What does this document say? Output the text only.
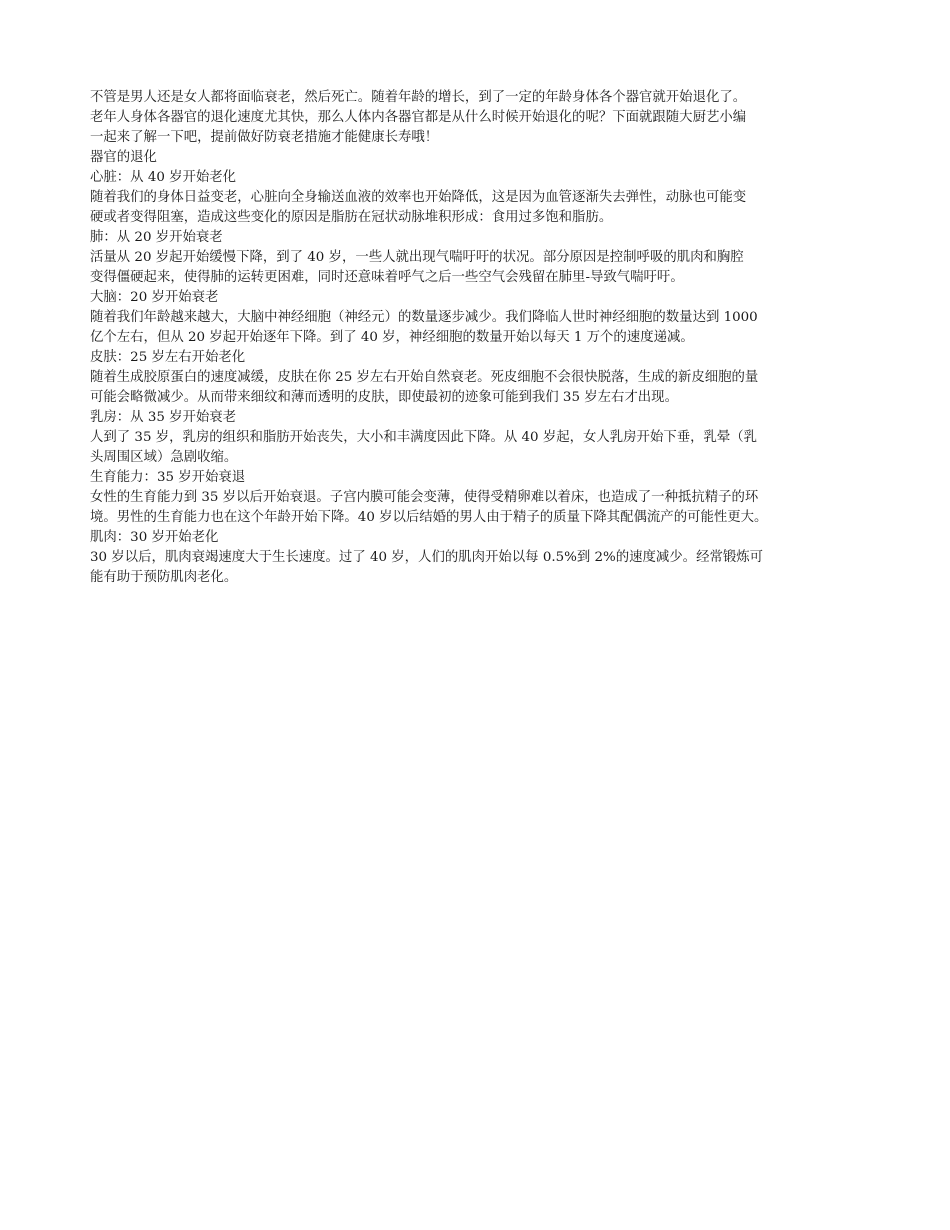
不管是男人还是女人都将面临衰老，然后死亡。随着年龄的增长，到了一定的年龄身体各个器官就开始退化了。
老年人身体各器官的退化速度尤其快，那么人体内各器官都是从什么时候开始退化的呢？下面就跟随大厨艺小编
一起来了解一下吧，提前做好防衰老措施才能健康长寿哦！
器官的退化
心脏：从 40 岁开始老化
随着我们的身体日益变老，心脏向全身输送血液的效率也开始降低，这是因为血管逐渐失去弹性，动脉也可能变
硬或者变得阻塞，造成这些变化的原因是脂肪在冠状动脉堆积形成：食用过多饱和脂肪。
肺：从 20 岁开始衰老
活量从 20 岁起开始缓慢下降，到了 40 岁，一些人就出现气喘吁吁的状况。部分原因是控制呼吸的肌肉和胸腔
变得僵硬起来，使得肺的运转更困难，同时还意味着呼气之后一些空气会残留在肺里-导致气喘吁吁。
大脑：20 岁开始衰老
随着我们年龄越来越大，大脑中神经细胞（神经元）的数量逐步减少。我们降临人世时神经细胞的数量达到 1000
亿个左右，但从 20 岁起开始逐年下降。到了 40 岁，神经细胞的数量开始以每天 1 万个的速度递减。
皮肤：25 岁左右开始老化
随着生成胶原蛋白的速度减缓，皮肤在你 25 岁左右开始自然衰老。死皮细胞不会很快脱落，生成的新皮细胞的量
可能会略微减少。从而带来细纹和薄而透明的皮肤，即使最初的迹象可能到我们 35 岁左右才出现。
乳房：从 35 岁开始衰老
人到了 35 岁，乳房的组织和脂肪开始丧失，大小和丰满度因此下降。从 40 岁起，女人乳房开始下垂，乳晕（乳
头周围区域）急剧收缩。
生育能力：35 岁开始衰退
女性的生育能力到 35 岁以后开始衰退。子宫内膜可能会变薄，使得受精卵难以着床，也造成了一种抵抗精子的环
境。男性的生育能力也在这个年龄开始下降。40 岁以后结婚的男人由于精子的质量下降其配偶流产的可能性更大。
肌肉：30 岁开始老化
30 岁以后，肌肉衰竭速度大于生长速度。过了 40 岁，人们的肌肉开始以每 0.5%到 2%的速度减少。经常锻炼可
能有助于预防肌肉老化。
